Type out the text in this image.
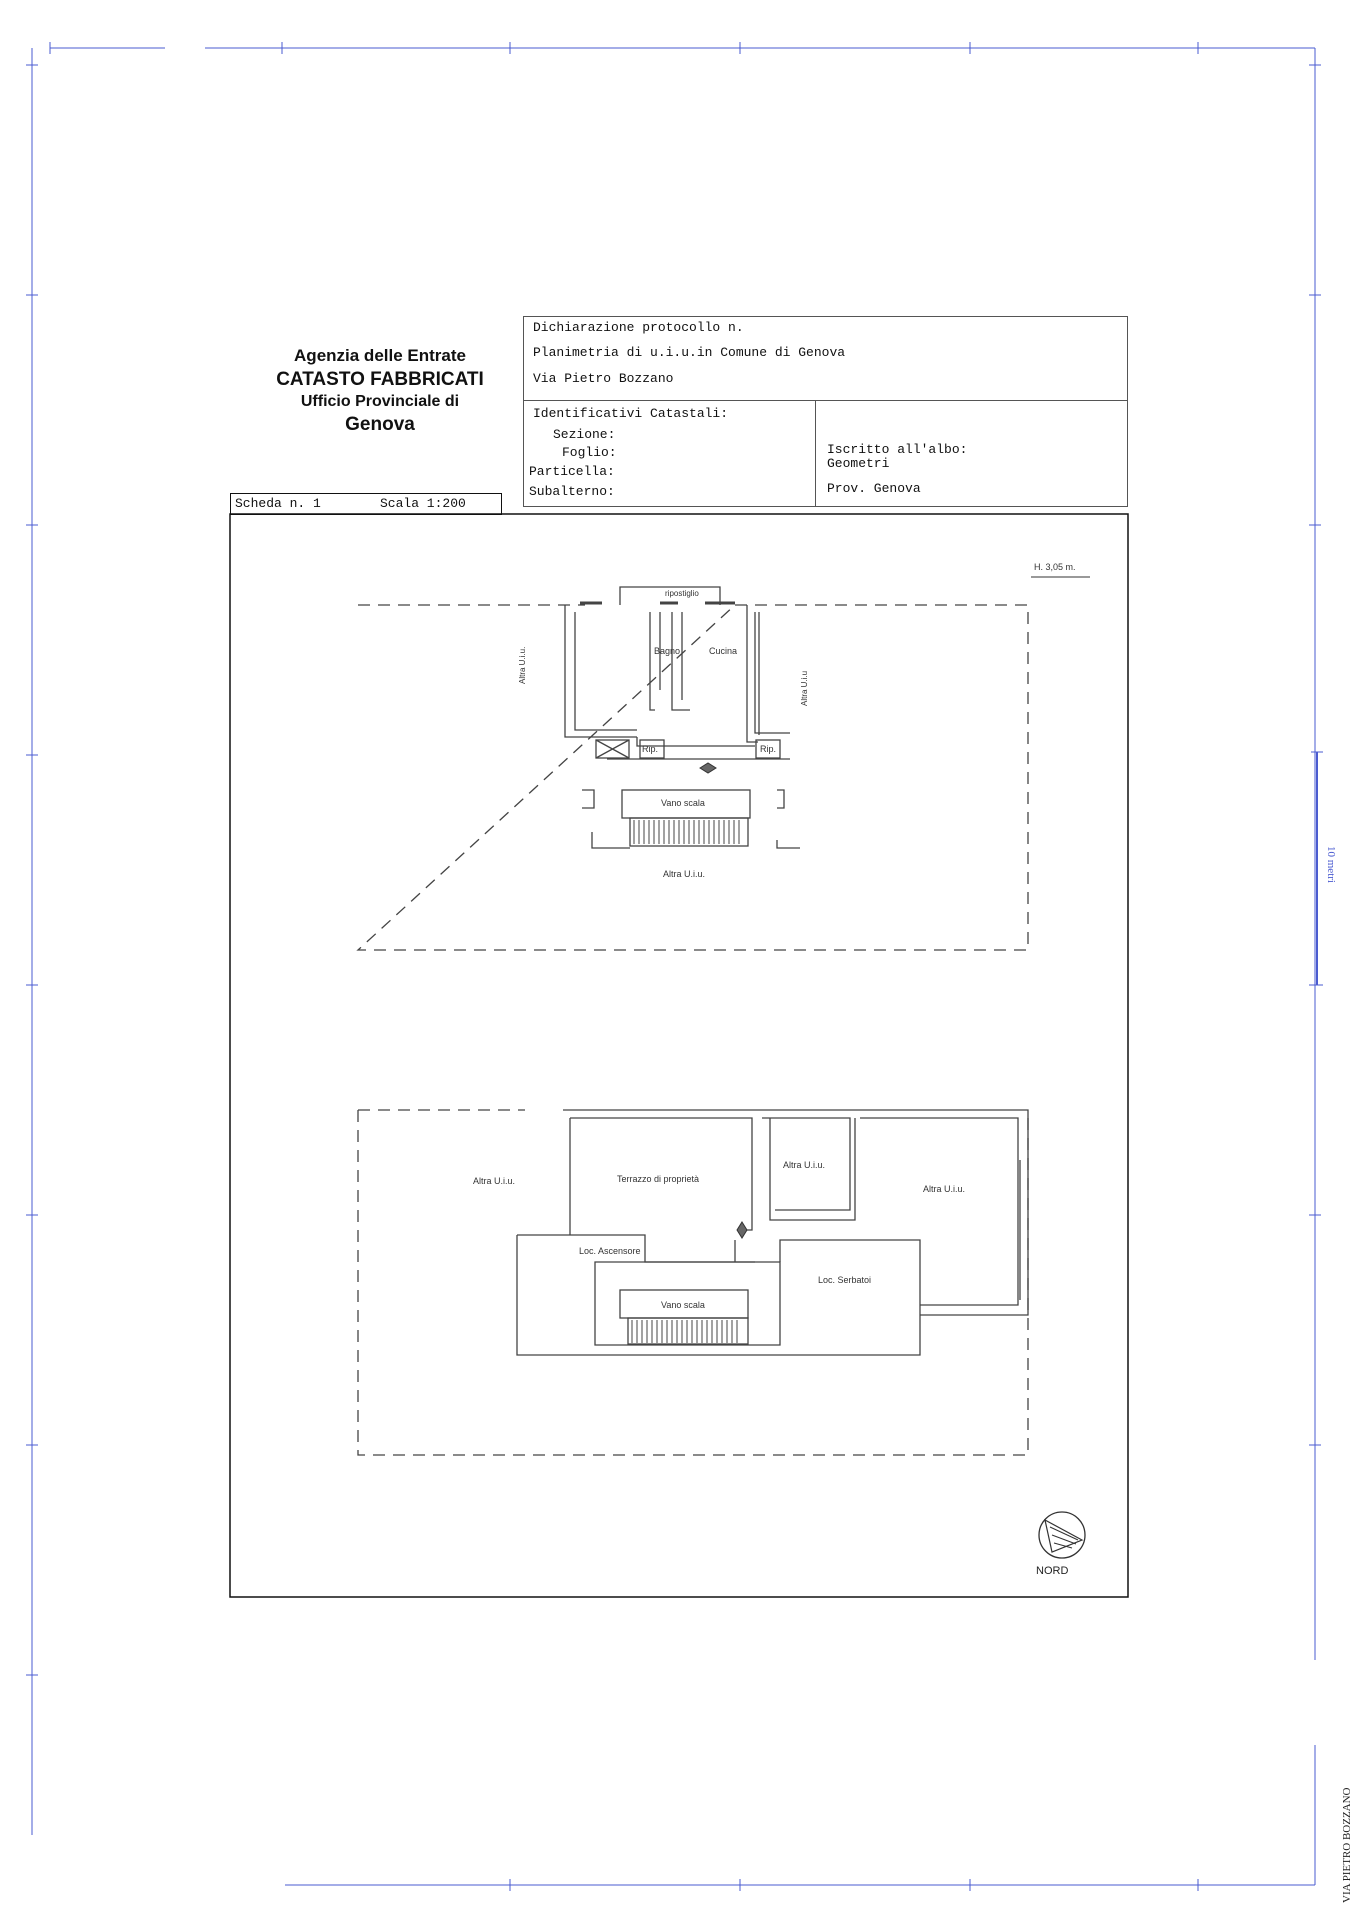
Agenzia delle Entrate
CATASTO FABBRICATI
Ufficio Provinciale di
Genova
Dichiarazione protocollo n.
Planimetria di u.i.u.in Comune di Genova
Via Pietro Bozzano
Identificativi Catastali:
Sezione:
Foglio:
Particella:
Subalterno:
Iscritto all'albo:
Geometri
Prov. Genova
Scheda n. 1	Scala 1:200
H. 3,05 m.
ripostiglio
Bagno	Cucina
Altra U.i.u.
Altra U.i.u
Rip.	Rip.
Vano scala
Altra U.i.u.
Altra U.i.u.	Terrazzo di proprietà
Altra U.i.u.
Altra U.i.u.
Loc. Ascensore
Loc. Serbatoi
Vano scala
NORD
10 metri
VIA PIETRO BOZZANO
